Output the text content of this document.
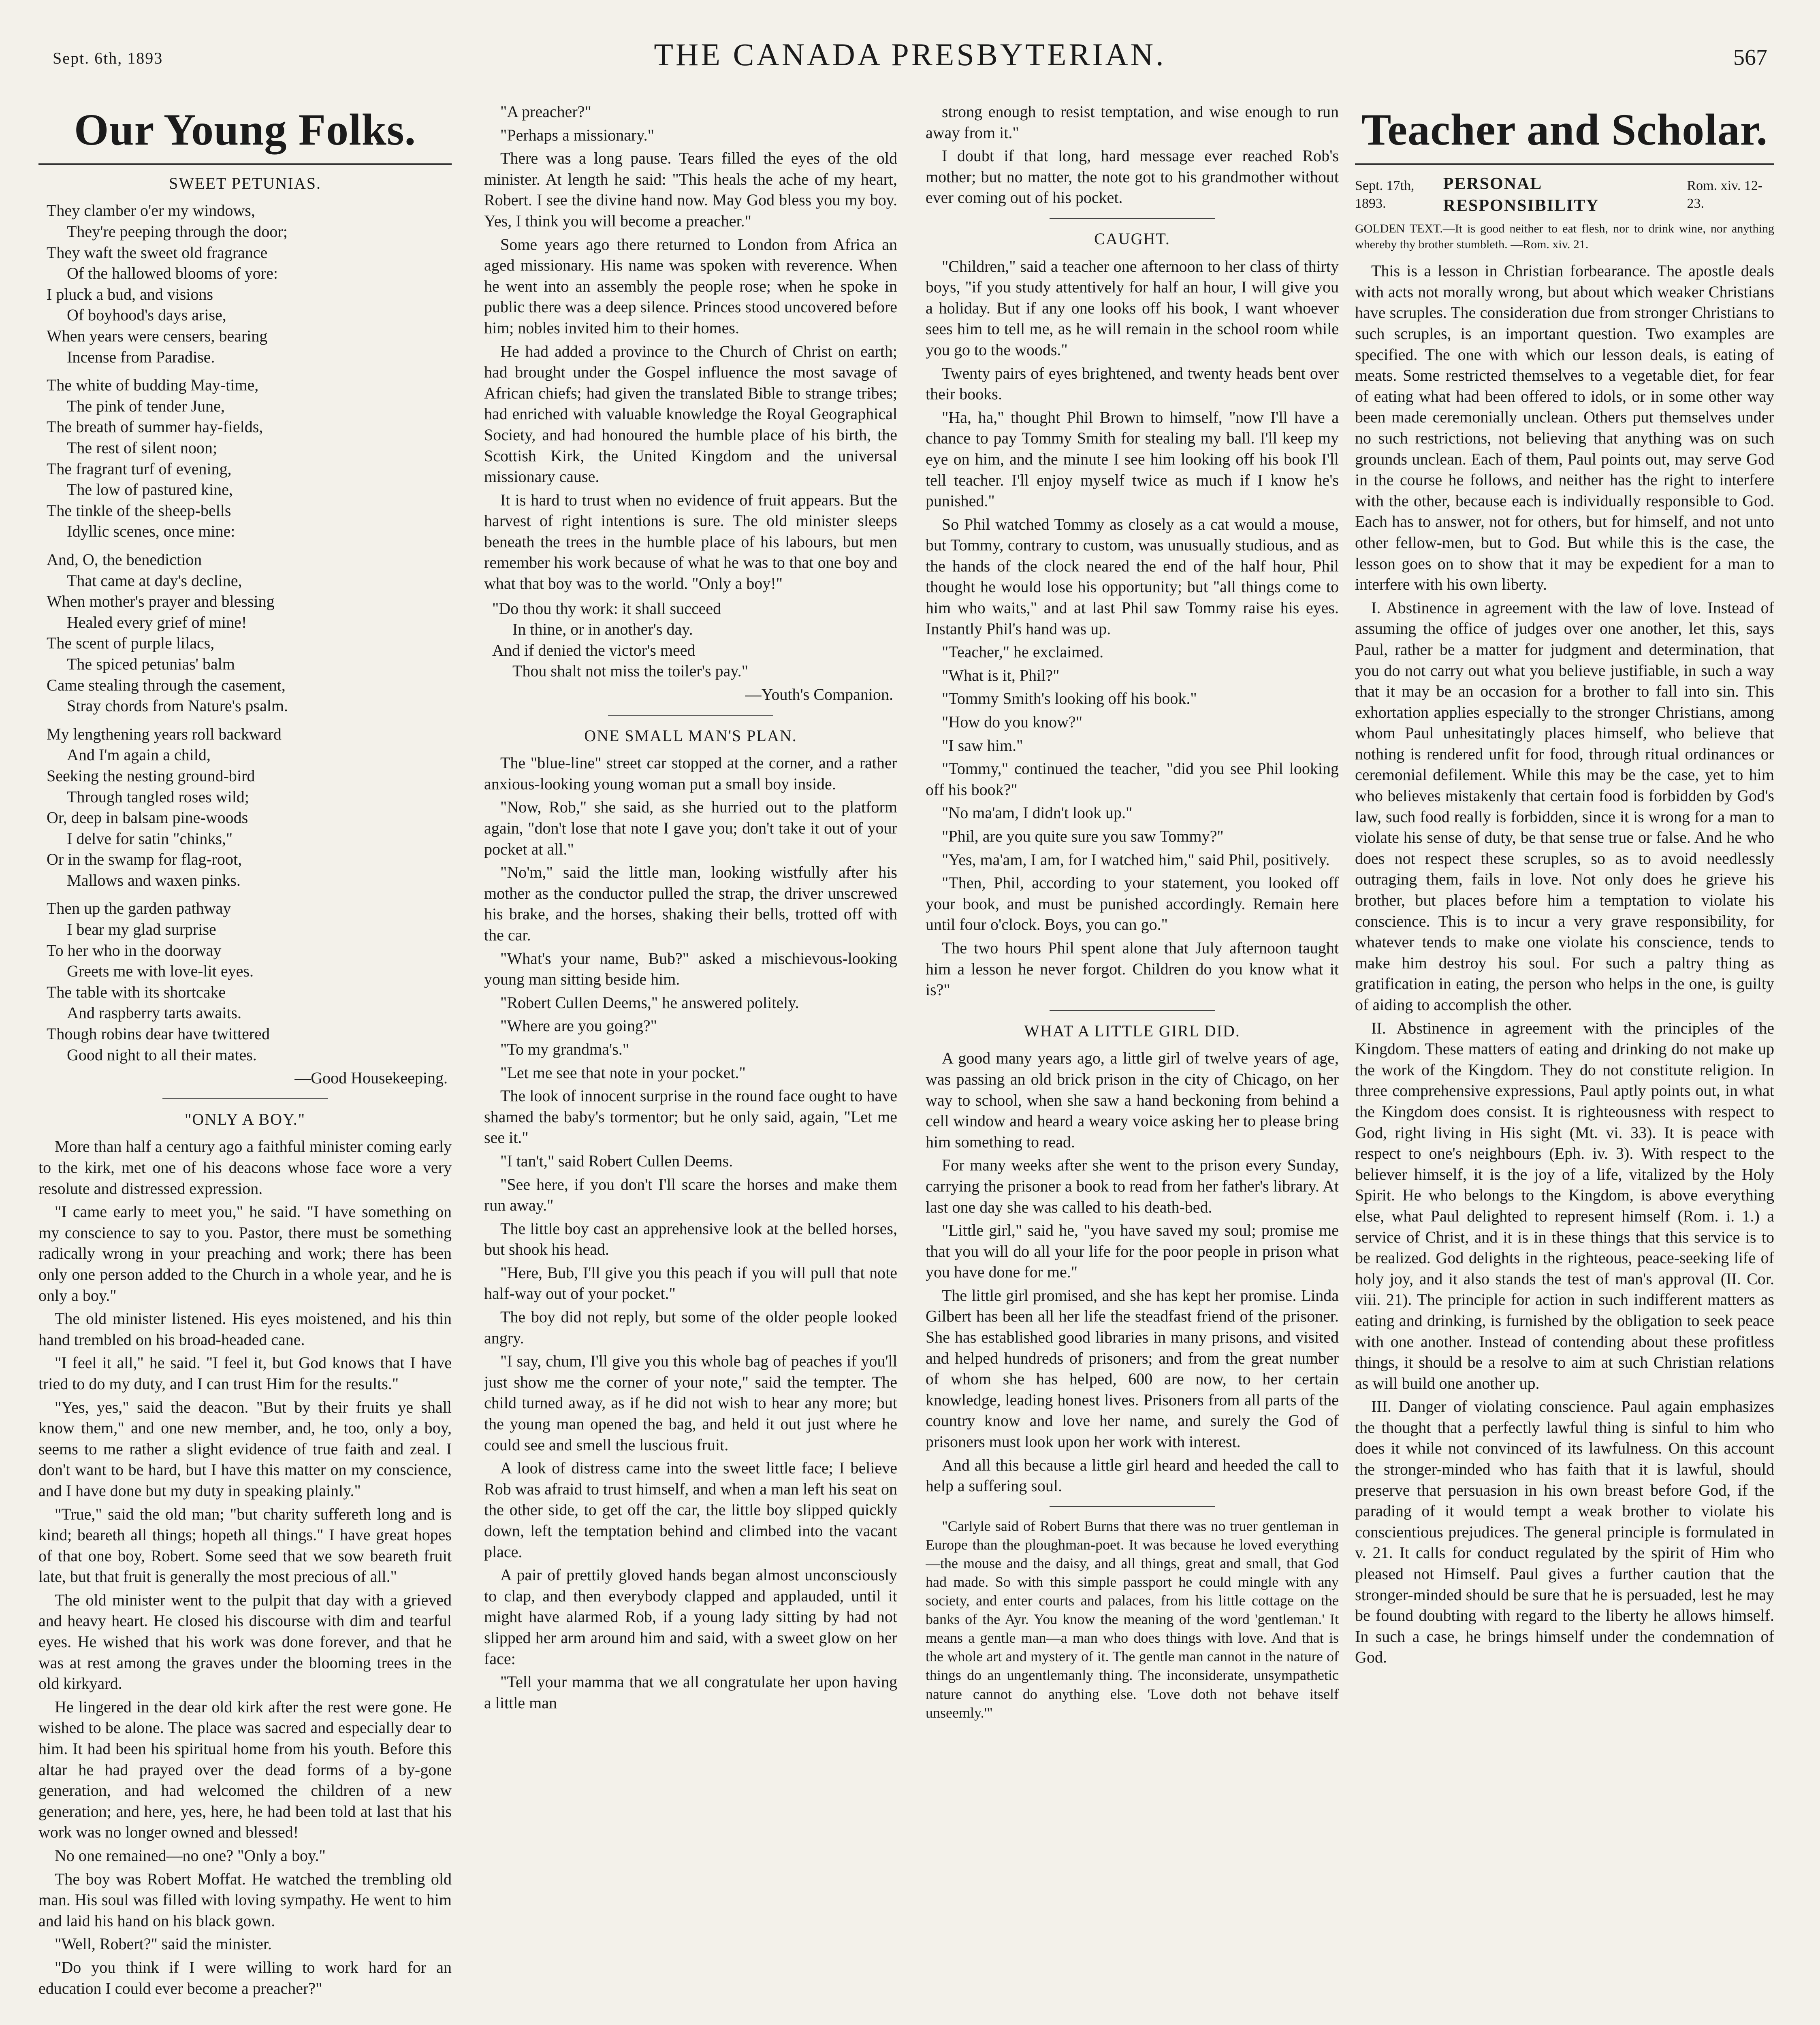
Sept. 6th, 1893	THE CANADA PRESBYTERIAN.	567
Our Young Folks.
SWEET PETUNIAS.
They clamber o'er my windows,
They're peeping through the door;
They waft the sweet old fragrance
Of the hallowed blooms of yore:
I pluck a bud, and visions
Of boyhood's days arise,
When years were censers, bearing
Incense from Paradise.
The white of budding May-time,
The pink of tender June,
The breath of summer hay-fields,
The rest of silent noon;
The fragrant turf of evening,
The low of pastured kine,
The tinkle of the sheep-bells
Idyllic scenes, once mine:
And, O, the benediction
That came at day's decline,
When mother's prayer and blessing
Healed every grief of mine!
The scent of purple lilacs,
The spiced petunias' balm
Came stealing through the casement,
Stray chords from Nature's psalm.
My lengthening years roll backward
And I'm again a child,
Seeking the nesting ground-bird
Through tangled roses wild;
Or, deep in balsam pine-woods
I delve for satin "chinks,"
Or in the swamp for flag-root,
Mallows and waxen pinks.
Then up the garden pathway
I bear my glad surprise
To her who in the doorway
Greets me with love-lit eyes.
The table with its shortcake
And raspberry tarts awaits.
Though robins dear have twittered
Good night to all their mates.
—Good Housekeeping.
"ONLY A BOY."

More than half a century ago a faithful minister coming early to the kirk, met one of his deacons whose face wore a very resolute and distressed expression.

"I came early to meet you," he said. "I have something on my conscience to say to you. Pastor, there must be something radically wrong in your preaching and work; there has been only one person added to the Church in a whole year, and he is only a boy."

The old minister listened. His eyes moistened, and his thin hand trembled on his broad-headed cane.

"I feel it all," he said. "I feel it, but God knows that I have tried to do my duty, and I can trust Him for the results."

"Yes, yes," said the deacon. "But by their fruits ye shall know them," and one new member, and, he too, only a boy, seems to me rather a slight evidence of true faith and zeal. I don't want to be hard, but I have this matter on my conscience, and I have done but my duty in speaking plainly."

"True," said the old man; "but charity suffereth long and is kind; beareth all things; hopeth all things." I have great hopes of that one boy, Robert. Some seed that we sow beareth fruit late, but that fruit is generally the most precious of all."

The old minister went to the pulpit that day with a grieved and heavy heart. He closed his discourse with dim and tearful eyes. He wished that his work was done forever, and that he was at rest among the graves under the blooming trees in the old kirkyard.

He lingered in the dear old kirk after the rest were gone. He wished to be alone. The place was sacred and especially dear to him. It had been his spiritual home from his youth. Before this altar he had prayed over the dead forms of a by-gone generation, and had welcomed the children of a new generation; and here, yes, here, he had been told at last that his work was no longer owned and blessed!

No one remained—no one? "Only a boy."

The boy was Robert Moffat. He watched the trembling old man. His soul was filled with loving sympathy. He went to him and laid his hand on his black gown.

"Well, Robert?" said the minister.

"Do you think if I were willing to work hard for an education I could ever become a preacher?"

"A preacher?"

"Perhaps a missionary."

There was a long pause. Tears filled the eyes of the old minister. At length he said: "This heals the ache of my heart, Robert. I see the divine hand now. May God bless you my boy. Yes, I think you will become a preacher."

Some years ago there returned to London from Africa an aged missionary. His name was spoken with reverence. When he went into an assembly the people rose; when he spoke in public there was a deep silence. Princes stood uncovered before him; nobles invited him to their homes.

He had added a province to the Church of Christ on earth; had brought under the Gospel influence the most savage of African chiefs; had given the translated Bible to strange tribes; had enriched with valuable knowledge the Royal Geographical Society, and had honoured the humble place of his birth, the Scottish Kirk, the United Kingdom and the universal missionary cause.

It is hard to trust when no evidence of fruit appears. But the harvest of right intentions is sure. The old minister sleeps beneath the trees in the humble place of his labours, but men remember his work because of what he was to that one boy and what that boy was to the world. "Only a boy!"

"Do thou thy work: it shall succeed
In thine, or in another's day.
And if denied the victor's meed
Thou shalt not miss the toiler's pay."
—Youth's Companion.
ONE SMALL MAN'S PLAN.

The "blue-line" street car stopped at the corner, and a rather anxious-looking young woman put a small boy inside.

"Now, Rob," she said, as she hurried out to the platform again, "don't lose that note I gave you; don't take it out of your pocket at all."

"No'm," said the little man, looking wistfully after his mother as the conductor pulled the strap, the driver unscrewed his brake, and the horses, shaking their bells, trotted off with the car.

"What's your name, Bub?" asked a mischievous-looking young man sitting beside him.

"Robert Cullen Deems," he answered politely.

"Where are you going?"

"To my grandma's."

"Let me see that note in your pocket."

The look of innocent surprise in the round face ought to have shamed the baby's tormentor; but he only said, again, "Let me see it."

"I tan't," said Robert Cullen Deems.

"See here, if you don't I'll scare the horses and make them run away."

The little boy cast an apprehensive look at the belled horses, but shook his head.

"Here, Bub, I'll give you this peach if you will pull that note half-way out of your pocket."

The boy did not reply, but some of the older people looked angry.

"I say, chum, I'll give you this whole bag of peaches if you'll just show me the corner of your note," said the tempter. The child turned away, as if he did not wish to hear any more; but the young man opened the bag, and held it out just where he could see and smell the luscious fruit.

A look of distress came into the sweet little face; I believe Rob was afraid to trust himself, and when a man left his seat on the other side, to get off the car, the little boy slipped quickly down, left the temptation behind and climbed into the vacant place.

A pair of prettily gloved hands began almost unconsciously to clap, and then everybody clapped and applauded, until it might have alarmed Rob, if a young lady sitting by had not slipped her arm around him and said, with a sweet glow on her face:

"Tell your mamma that we all congratulate her upon having a little man

strong enough to resist temptation, and wise enough to run away from it."

I doubt if that long, hard message ever reached Rob's mother; but no matter, the note got to his grandmother without ever coming out of his pocket.

CAUGHT.

"Children," said a teacher one afternoon to her class of thirty boys, "if you study attentively for half an hour, I will give you a holiday. But if any one looks off his book, I want whoever sees him to tell me, as he will remain in the school room while you go to the woods."

Twenty pairs of eyes brightened, and twenty heads bent over their books.

"Ha, ha," thought Phil Brown to himself, "now I'll have a chance to pay Tommy Smith for stealing my ball. I'll keep my eye on him, and the minute I see him looking off his book I'll tell teacher. I'll enjoy myself twice as much if I know he's punished."

So Phil watched Tommy as closely as a cat would a mouse, but Tommy, contrary to custom, was unusually studious, and as the hands of the clock neared the end of the half hour, Phil thought he would lose his opportunity; but "all things come to him who waits," and at last Phil saw Tommy raise his eyes. Instantly Phil's hand was up.

"Teacher," he exclaimed.

"What is it, Phil?"

"Tommy Smith's looking off his book."

"How do you know?"

"I saw him."

"Tommy," continued the teacher, "did you see Phil looking off his book?"

"No ma'am, I didn't look up."

"Phil, are you quite sure you saw Tommy?"

"Yes, ma'am, I am, for I watched him," said Phil, positively.

"Then, Phil, according to your statement, you looked off your book, and must be punished accordingly. Remain here until four o'clock. Boys, you can go."

The two hours Phil spent alone that July afternoon taught him a lesson he never forgot. Children do you know what it is?"

WHAT A LITTLE GIRL DID.

A good many years ago, a little girl of twelve years of age, was passing an old brick prison in the city of Chicago, on her way to school, when she saw a hand beckoning from behind a cell window and heard a weary voice asking her to please bring him something to read.

For many weeks after she went to the prison every Sunday, carrying the prisoner a book to read from her father's library. At last one day she was called to his death-bed.

"Little girl," said he, "you have saved my soul; promise me that you will do all your life for the poor people in prison what you have done for me."

The little girl promised, and she has kept her promise. Linda Gilbert has been all her life the steadfast friend of the prisoner. She has established good libraries in many prisons, and visited and helped hundreds of prisoners; and from the great number of whom she has helped, 600 are now, to her certain knowledge, leading honest lives. Prisoners from all parts of the country know and love her name, and surely the God of prisoners must look upon her work with interest.

And all this because a little girl heard and heeded the call to help a suffering soul.

"Carlyle said of Robert Burns that there was no truer gentleman in Europe than the ploughman-poet. It was because he loved everything—the mouse and the daisy, and all things, great and small, that God had made. So with this simple passport he could mingle with any society, and enter courts and palaces, from his little cottage on the banks of the Ayr. You know the meaning of the word 'gentleman.' It means a gentle man—a man who does things with love. And that is the whole art and mystery of it. The gentle man cannot in the nature of things do an ungentlemanly thing. The inconsiderate, unsympathetic nature cannot do anything else. 'Love doth not behave itself unseemly.'"

Teacher and Scholar.
Sept. 17th, 1893.
PERSONAL RESPONSIBILITY
Rom. xiv. 12-23.
GOLDEN TEXT.—It is good neither to eat flesh, nor to drink wine, nor anything whereby thy brother stumbleth. —Rom. xiv. 21.

This is a lesson in Christian forbearance. The apostle deals with acts not morally wrong, but about which weaker Christians have scruples. The consideration due from stronger Christians to such scruples, is an important question. Two examples are specified. The one with which our lesson deals, is eating of meats. Some restricted themselves to a vegetable diet, for fear of eating what had been offered to idols, or in some other way been made ceremonially unclean. Others put themselves under no such restrictions, not believing that anything was on such grounds unclean. Each of them, Paul points out, may serve God in the course he follows, and neither has the right to interfere with the other, because each is individually responsible to God. Each has to answer, not for others, but for himself, and not unto other fellow-men, but to God. But while this is the case, the lesson goes on to show that it may be expedient for a man to interfere with his own liberty.

I. Abstinence in agreement with the law of love. Instead of assuming the office of judges over one another, let this, says Paul, rather be a matter for judgment and determination, that you do not carry out what you believe justifiable, in such a way that it may be an occasion for a brother to fall into sin. This exhortation applies especially to the stronger Christians, among whom Paul unhesitatingly places himself, who believe that nothing is rendered unfit for food, through ritual ordinances or ceremonial defilement. While this may be the case, yet to him who believes mistakenly that certain food is forbidden by God's law, such food really is forbidden, since it is wrong for a man to violate his sense of duty, be that sense true or false. And he who does not respect these scruples, so as to avoid needlessly outraging them, fails in love. Not only does he grieve his brother, but places before him a temptation to violate his conscience. This is to incur a very grave responsibility, for whatever tends to make one violate his conscience, tends to make him destroy his soul. For such a paltry thing as gratification in eating, the person who helps in the one, is guilty of aiding to accomplish the other.

II. Abstinence in agreement with the principles of the Kingdom. These matters of eating and drinking do not make up the work of the Kingdom. They do not constitute religion. In three comprehensive expressions, Paul aptly points out, in what the Kingdom does consist. It is righteousness with respect to God, right living in His sight (Mt. vi. 33). It is peace with respect to one's neighbours (Eph. iv. 3). With respect to the believer himself, it is the joy of a life, vitalized by the Holy Spirit. He who belongs to the Kingdom, is above everything else, what Paul delighted to represent himself (Rom. i. 1.) a service of Christ, and it is in these things that this service is to be realized. God delights in the righteous, peace-seeking life of holy joy, and it also stands the test of man's approval (II. Cor. viii. 21). The principle for action in such indifferent matters as eating and drinking, is furnished by the obligation to seek peace with one another. Instead of contending about these profitless things, it should be a resolve to aim at such Christian relations as will build one another up.

III. Danger of violating conscience. Paul again emphasizes the thought that a perfectly lawful thing is sinful to him who does it while not convinced of its lawfulness. On this account the stronger-minded who has faith that it is lawful, should preserve that persuasion in his own breast before God, if the parading of it would tempt a weak brother to violate his conscientious prejudices. The general principle is formulated in v. 21. It calls for conduct regulated by the spirit of Him who pleased not Himself. Paul gives a further caution that the stronger-minded should be sure that he is persuaded, lest he may be found doubting with regard to the liberty he allows himself. In such a case, he brings himself under the condemnation of God.
